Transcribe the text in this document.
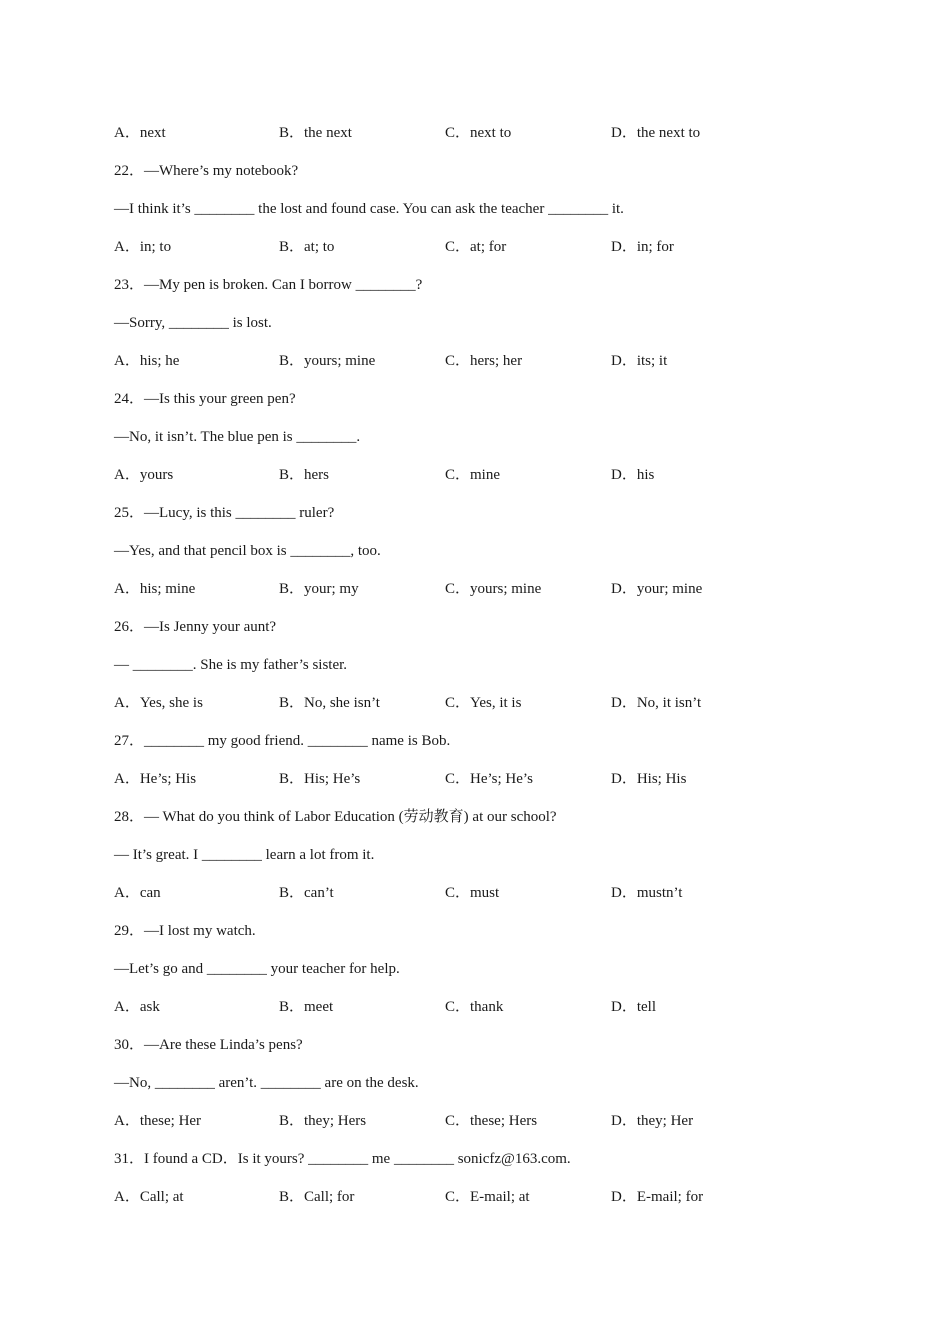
A．next	B．the next	C．next to	D．the next to
22．—Where’s my notebook?
—I think it’s ________ the lost and found case. You can ask the teacher ________ it.
A．in; to	B．at; to	C．at; for	D．in; for
23．—My pen is broken. Can I borrow ________?
—Sorry, ________ is lost.
A．his; he	B．yours; mine	C．hers; her	D．its; it
24．—Is this your green pen?
—No, it isn’t. The blue pen is ________.
A．yours	B．hers	C．mine	D．his
25．—Lucy, is this ________ ruler?
—Yes, and that pencil box is ________, too.
A．his; mine	B．your; my	C．yours; mine	D．your; mine
26．—Is Jenny your aunt?
— ________. She is my father’s sister.
A．Yes, she is	B．No, she isn’t	C．Yes, it is	D．No, it isn’t
27．________ my good friend. ________ name is Bob.
A．He’s; His	B．His; He’s	C．He’s; He’s	D．His; His
28．— What do you think of Labor Education (劳动教育) at our school?
— It’s great. I ________ learn a lot from it.
A．can	B．can’t	C．must	D．mustn’t
29．—I lost my watch.
—Let’s go and ________ your teacher for help.
A．ask	B．meet	C．thank	D．tell
30．—Are these Linda’s pens?
—No, ________ aren’t. ________ are on the desk.
A．these; Her	B．they; Hers	C．these; Hers	D．they; Her
31．I found a CD．Is it yours? ________ me ________ sonicfz@163.com.
A．Call; at	B．Call; for	C．E-mail; at	D．E-mail; for
